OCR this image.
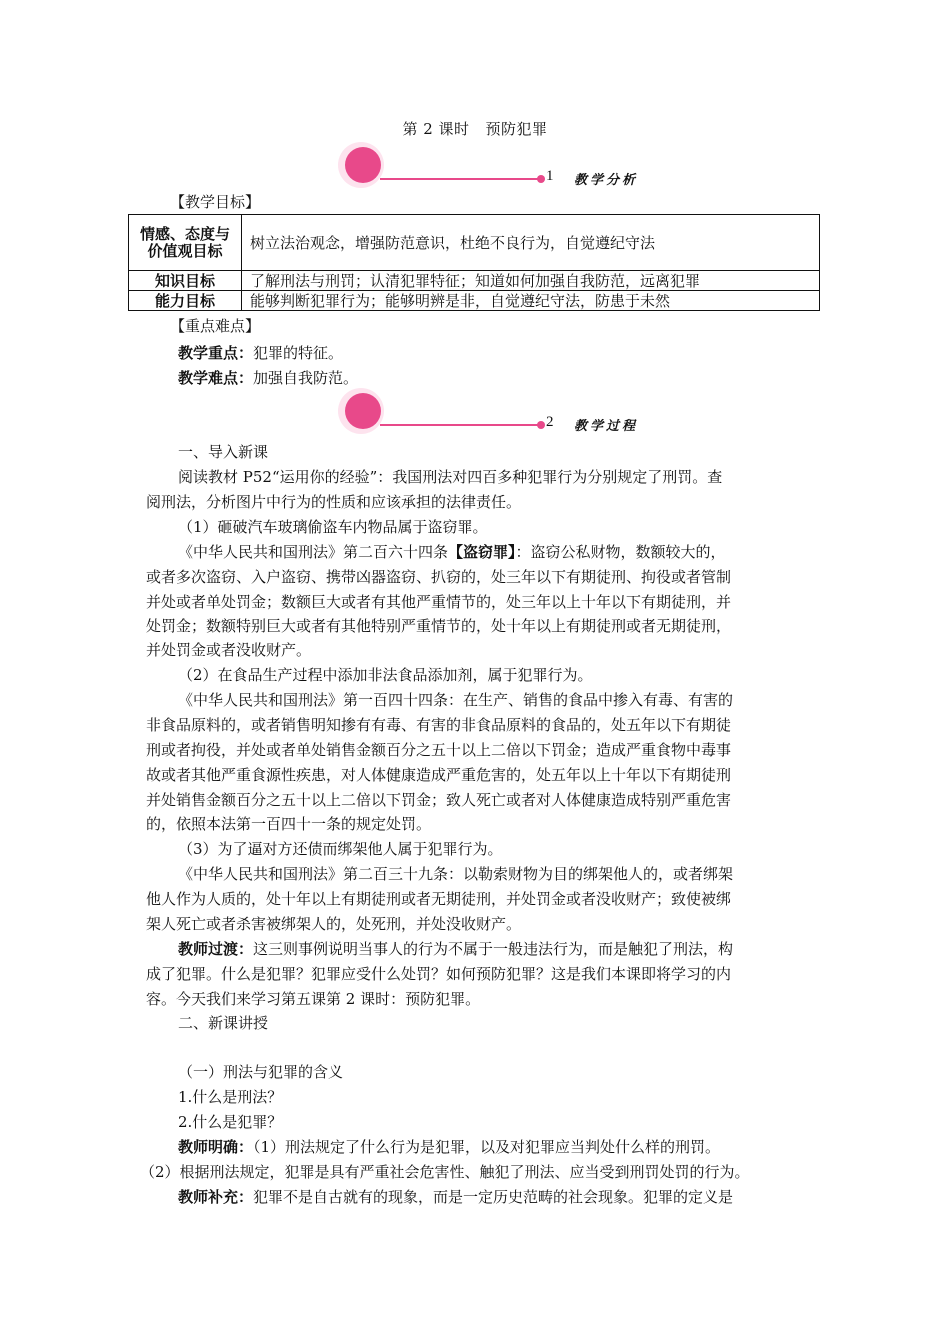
第 2 课时 预防犯罪
1 教学分析
【教学目标】
情感、态度与价值观目标	树立法治观念，增强防范意识，杜绝不良行为，自觉遵纪守法
知识目标	了解刑法与刑罚；认清犯罪特征；知道如何加强自我防范，远离犯罪
能力目标	能够判断犯罪行为；能够明辨是非，自觉遵纪守法，防患于未然
【重点难点】
教学重点：犯罪的特征。
教学难点：加强自我防范。
2 教学过程
一、导入新课
阅读教材 P52“运用你的经验”：我国刑法对四百多种犯罪行为分别规定了刑罚。查
阅刑法，分析图片中行为的性质和应该承担的法律责任。
（1）砸破汽车玻璃偷盗车内物品属于盗窃罪。
《中华人民共和国刑法》第二百六十四条【盗窃罪】：盗窃公私财物，数额较大的，
或者多次盗窃、入户盗窃、携带凶器盗窃、扒窃的，处三年以下有期徒刑、拘役或者管制
并处或者单处罚金；数额巨大或者有其他严重情节的，处三年以上十年以下有期徒刑，并
处罚金；数额特别巨大或者有其他特别严重情节的，处十年以上有期徒刑或者无期徒刑，
并处罚金或者没收财产。
（2）在食品生产过程中添加非法食品添加剂，属于犯罪行为。
《中华人民共和国刑法》第一百四十四条：在生产、销售的食品中掺入有毒、有害的
非食品原料的，或者销售明知掺有有毒、有害的非食品原料的食品的，处五年以下有期徒
刑或者拘役，并处或者单处销售金额百分之五十以上二倍以下罚金；造成严重食物中毒事
故或者其他严重食源性疾患，对人体健康造成严重危害的，处五年以上十年以下有期徒刑
并处销售金额百分之五十以上二倍以下罚金；致人死亡或者对人体健康造成特别严重危害
的，依照本法第一百四十一条的规定处罚。
（3）为了逼对方还债而绑架他人属于犯罪行为。
《中华人民共和国刑法》第二百三十九条：以勒索财物为目的绑架他人的，或者绑架
他人作为人质的，处十年以上有期徒刑或者无期徒刑，并处罚金或者没收财产；致使被绑
架人死亡或者杀害被绑架人的，处死刑，并处没收财产。
教师过渡：这三则事例说明当事人的行为不属于一般违法行为，而是触犯了刑法，构
成了犯罪。什么是犯罪？犯罪应受什么处罚？如何预防犯罪？这是我们本课即将学习的内
容。今天我们来学习第五课第 2 课时：预防犯罪。
二、新课讲授
（一）刑法与犯罪的含义
1.什么是刑法？
2.什么是犯罪？
教师明确：（1）刑法规定了什么行为是犯罪，以及对犯罪应当判处什么样的刑罚。
（2）根据刑法规定，犯罪是具有严重社会危害性、触犯了刑法、应当受到刑罚处罚的行为。
教师补充：犯罪不是自古就有的现象，而是一定历史范畴的社会现象。犯罪的定义是
